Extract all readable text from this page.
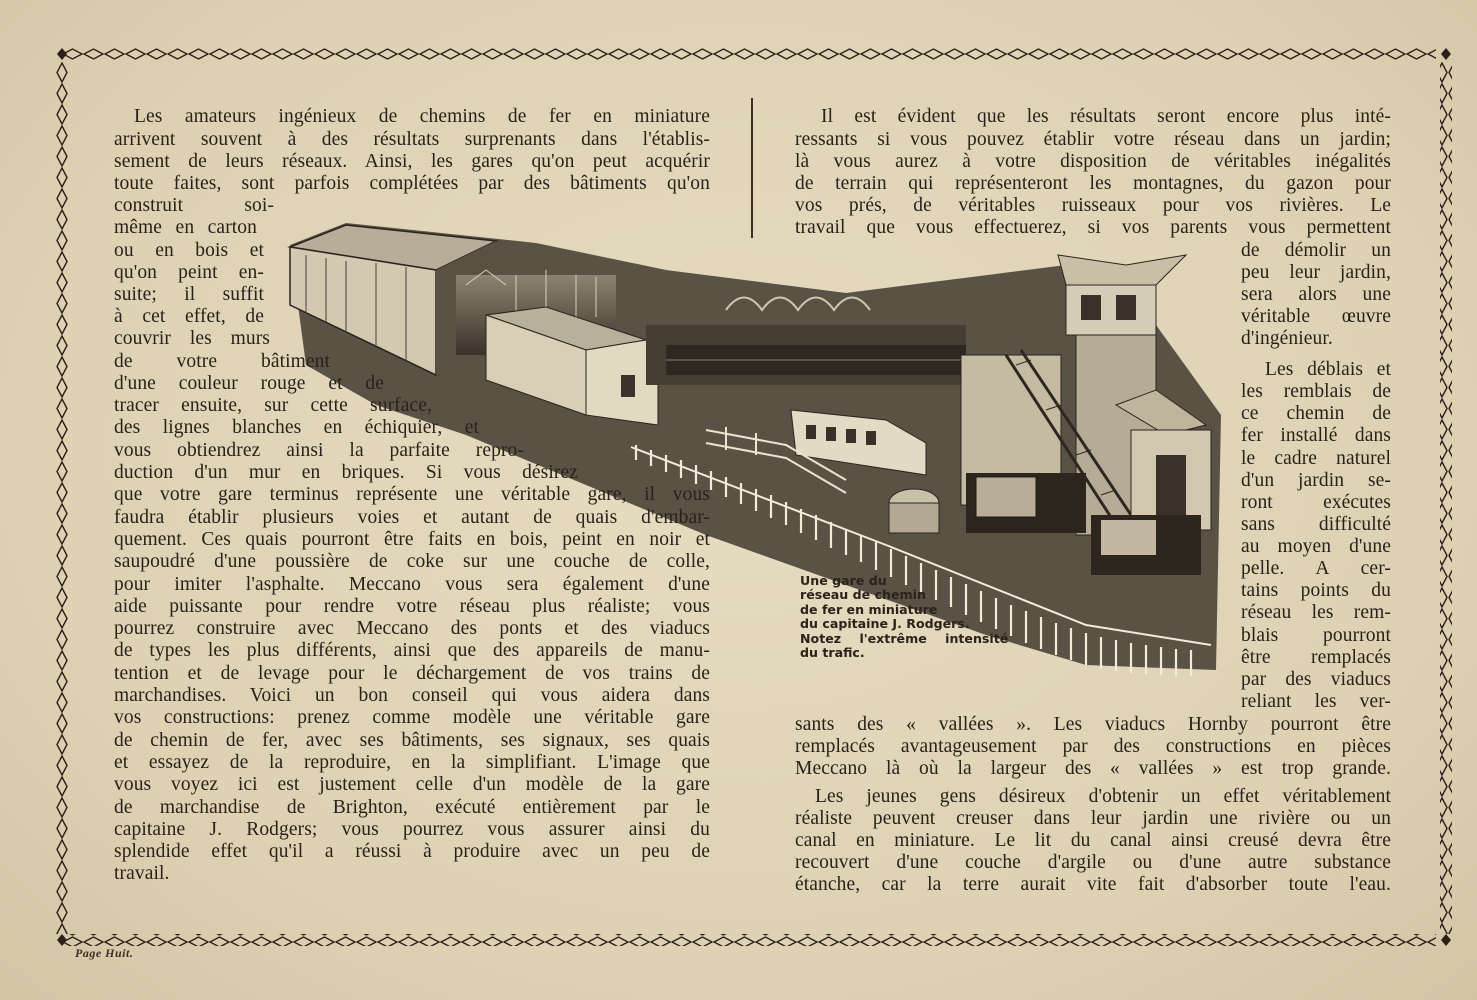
Les amateurs ingénieux de chemins de fer en miniature
arrivent souvent à des résultats surprenants dans l'établis-
sement de leurs réseaux. Ainsi, les gares qu'on peut acquérir
toute faites, sont parfois complétées par des bâtiments qu'on
construit soi-
même en carton
ou en bois et
qu'on peint en-
suite; il suffit
à cet effet, de
couvrir les murs
de votre bâtiment
d'une couleur rouge et de
tracer ensuite, sur cette surface,
des lignes blanches en échiquier, et
vous obtiendrez ainsi la parfaite repro-
duction d'un mur en briques. Si vous désirez
que votre gare terminus représente une véritable gare, il vous
faudra établir plusieurs voies et autant de quais d'embar-
quement. Ces quais pourront être faits en bois, peint en noir et
saupoudré d'une poussière de coke sur une couche de colle,
pour imiter l'asphalte. Meccano vous sera également d'une
aide puissante pour rendre votre réseau plus réaliste; vous
pourrez construire avec Meccano des ponts et des viaducs
de types les plus différents, ainsi que des appareils de manu-
tention et de levage pour le déchargement de vos trains de
marchandises. Voici un bon conseil qui vous aidera dans
vos constructions: prenez comme modèle une véritable gare
de chemin de fer, avec ses bâtiments, ses signaux, ses quais
et essayez de la reproduire, en la simplifiant. L'image que
vous voyez ici est justement celle d'un modèle de la gare
de marchandise de Brighton, exécuté entièrement par le
capitaine J. Rodgers; vous pourrez vous assurer ainsi du
splendide effet qu'il a réussi à produire avec un peu de
travail.
Il est évident que les résultats seront encore plus inté-
ressants si vous pouvez établir votre réseau dans un jardin;
là vous aurez à votre disposition de véritables inégalités
de terrain qui représenteront les montagnes, du gazon pour
vos prés, de véritables ruisseaux pour vos rivières. Le
travail que vous effectuerez, si vos parents vous permettent
de démolir un
peu leur jardin,
sera alors une
véritable œuvre
d'ingénieur.
Les déblais et
les remblais de
ce chemin de
fer installé dans
le cadre naturel
d'un jardin se-
ront exécutes
sans difficulté
au moyen d'une
pelle. A cer-
tains points du
réseau les rem-
blais pourront
être remplacés
par des viaducs
reliant les ver-
sants des « vallées ». Les viaducs Hornby pourront être
remplacés avantageusement par des constructions en pièces
Meccano là où la largeur des « vallées » est trop grande.
Les jeunes gens désireux d'obtenir un effet véritablement
réaliste peuvent creuser dans leur jardin une rivière ou un
canal en miniature. Le lit du canal ainsi creusé devra être
recouvert d'une couche d'argile ou d'une autre substance
étanche, car la terre aurait vite fait d'absorber toute l'eau.
Une gare du
réseau de chemin
de fer en miniature
du capitaine J. Rodgers.
Notez l'extrême intensité
du trafic.
Page Huit.
